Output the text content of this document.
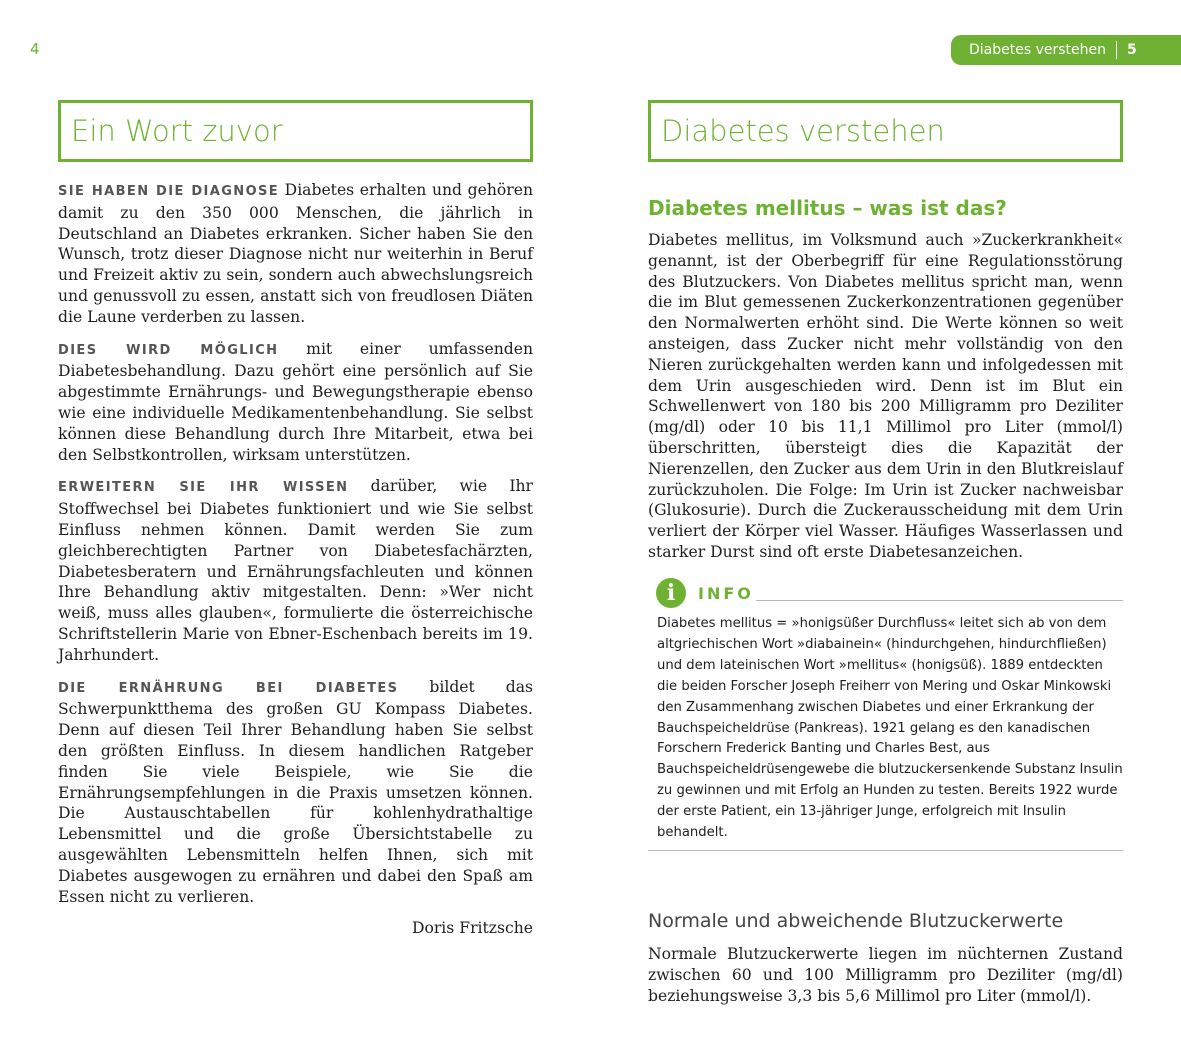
4	Diabetes verstehen	5
Ein Wort zuvor

SIE HABEN DIE DIAGNOSE Diabetes erhalten und gehören damit zu den 350 000 Menschen, die jährlich in Deutschland an Diabetes erkranken. Sicher haben Sie den Wunsch, trotz dieser Diagnose nicht nur weiterhin in Beruf und Freizeit aktiv zu sein, sondern auch abwechslungsreich und genussvoll zu essen, anstatt sich von freudlosen Diäten die Laune verderben zu lassen.

DIES WIRD MÖGLICH mit einer umfassenden Diabetesbehandlung. Dazu gehört eine persönlich auf Sie abgestimmte Ernährungs- und Bewegungstherapie ebenso wie eine individuelle Medikamentenbehandlung. Sie selbst können diese Behandlung durch Ihre Mitarbeit, etwa bei den Selbstkontrollen, wirksam unterstützen.

ERWEITERN SIE IHR WISSEN darüber, wie Ihr Stoffwechsel bei Diabetes funktioniert und wie Sie selbst Einfluss nehmen können. Damit werden Sie zum gleichberechtigten Partner von Diabetesfachärzten, Diabetesberatern und Ernährungsfachleuten und können Ihre Behandlung aktiv mitgestalten. Denn: »Wer nicht weiß, muss alles glauben«, formulierte die österreichische Schriftstellerin Marie von Ebner-Eschenbach bereits im 19. Jahrhundert.

DIE ERNÄHRUNG BEI DIABETES bildet das Schwerpunktthema des großen GU Kompass Diabetes. Denn auf diesen Teil Ihrer Behandlung haben Sie selbst den größten Einfluss. In diesem handlichen Ratgeber finden Sie viele Beispiele, wie Sie die Ernährungsempfehlungen in die Praxis umsetzen können. Die Austauschtabellen für kohlenhydrathaltige Lebensmittel und die große Übersichtstabelle zu ausgewählten Lebensmitteln helfen Ihnen, sich mit Diabetes ausgewogen zu ernähren und dabei den Spaß am Essen nicht zu verlieren.

Doris Fritzsche
Diabetes verstehen
Diabetes mellitus – was ist das?

Diabetes mellitus, im Volksmund auch »Zuckerkrankheit« genannt, ist der Oberbegriff für eine Regulationsstörung des Blutzuckers. Von Diabetes mellitus spricht man, wenn die im Blut gemessenen Zuckerkonzentrationen gegenüber den Normalwerten erhöht sind. Die Werte können so weit ansteigen, dass Zucker nicht mehr vollständig von den Nieren zurückgehalten werden kann und infolgedessen mit dem Urin ausgeschieden wird. Denn ist im Blut ein Schwellenwert von 180 bis 200 Milligramm pro Deziliter (mg/dl) oder 10 bis 11,1 Millimol pro Liter (mmol/l) überschritten, übersteigt dies die Kapazität der Nierenzellen, den Zucker aus dem Urin in den Blutkreislauf zurückzuholen. Die Folge: Im Urin ist Zucker nachweisbar (Glukosurie). Durch die Zuckerausscheidung mit dem Urin verliert der Körper viel Wasser. Häufiges Wasserlassen und starker Durst sind oft erste Diabetesanzeichen.

i	INFO
Diabetes mellitus = »honigsüßer Durchfluss« leitet sich ab von dem altgriechischen Wort »diabainein« (hindurchgehen, hindurchfließen) und dem lateinischen Wort »mellitus« (honigsüß). 1889 entdeckten die beiden Forscher Joseph Freiherr von Mering und Oskar Minkowski den Zusammenhang zwischen Diabetes und einer Erkrankung der Bauchspeicheldrüse (Pankreas). 1921 gelang es den kanadischen Forschern Frederick Banting und Charles Best, aus Bauchspeicheldrüsengewebe die blutzuckersenkende Substanz Insulin zu gewinnen und mit Erfolg an Hunden zu testen. Bereits 1922 wurde der erste Patient, ein 13-jähriger Junge, erfolgreich mit Insulin behandelt.
Normale und abweichende Blutzuckerwerte

Normale Blutzuckerwerte liegen im nüchternen Zustand zwischen 60 und 100 Milligramm pro Deziliter (mg/dl) beziehungsweise 3,3 bis 5,6 Millimol pro Liter (mmol/l).
